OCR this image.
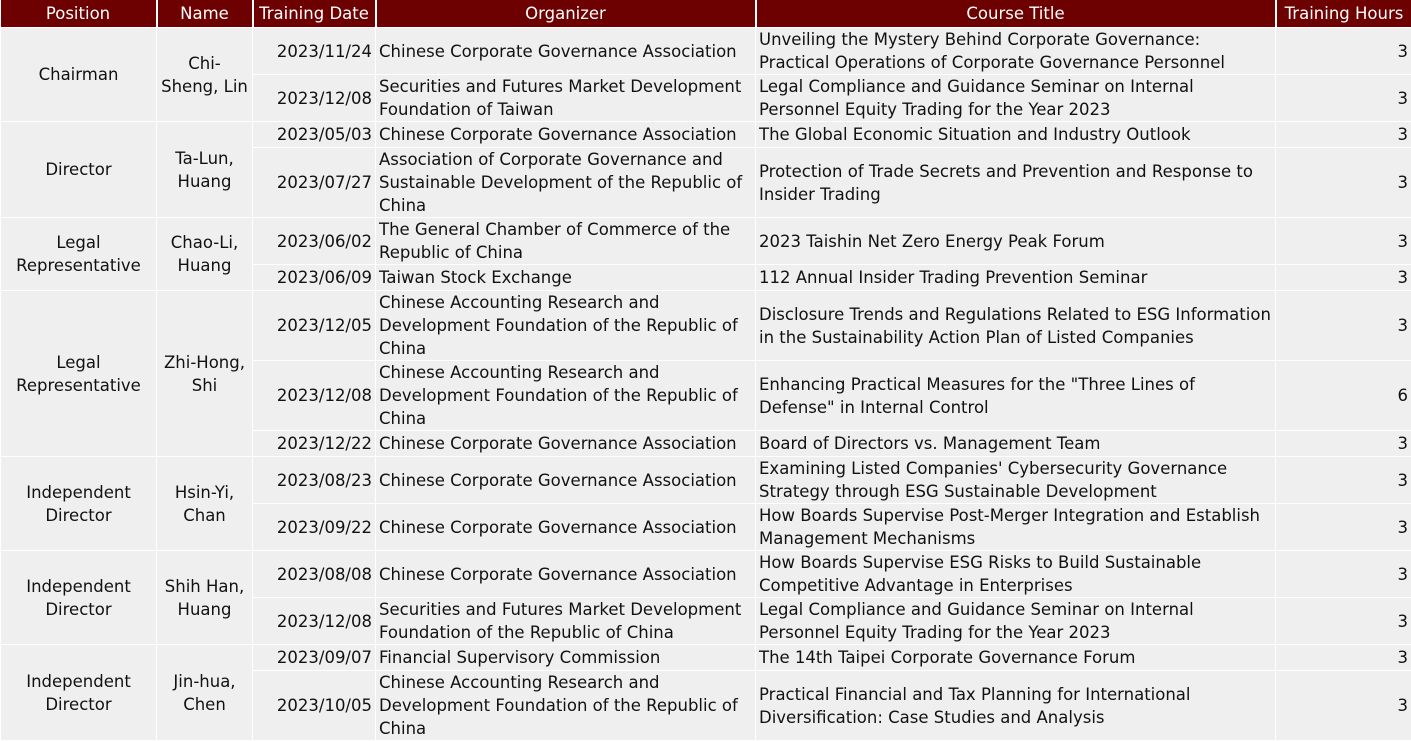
Position	Name	Training Date	Organizer	Course Title	Training Hours
Chairman	Chi-Sheng, Lin	2023/11/24	Chinese Corporate Governance Association	Unveiling the Mystery Behind Corporate Governance: Practical Operations of Corporate Governance Personnel	3
		2023/12/08	Securities and Futures Market Development Foundation of Taiwan	Legal Compliance and Guidance Seminar on Internal Personnel Equity Trading for the Year 2023	3
Director	Ta-Lun, Huang	2023/05/03	Chinese Corporate Governance Association	The Global Economic Situation and Industry Outlook	3
		2023/07/27	Association of Corporate Governance and Sustainable Development of the Republic of China	Protection of Trade Secrets and Prevention and Response to Insider Trading	3
Legal Representative	Chao-Li, Huang	2023/06/02	The General Chamber of Commerce of the Republic of China	2023 Taishin Net Zero Energy Peak Forum	3
		2023/06/09	Taiwan Stock Exchange	112 Annual Insider Trading Prevention Seminar	3
Legal Representative	Zhi-Hong, Shi	2023/12/05	Chinese Accounting Research and Development Foundation of the Republic of China	Disclosure Trends and Regulations Related to ESG Information in the Sustainability Action Plan of Listed Companies	3
		2023/12/08	Chinese Accounting Research and Development Foundation of the Republic of China	Enhancing Practical Measures for the "Three Lines of Defense" in Internal Control	6
		2023/12/22	Chinese Corporate Governance Association	Board of Directors vs. Management Team	3
Independent Director	Hsin-Yi, Chan	2023/08/23	Chinese Corporate Governance Association	Examining Listed Companies' Cybersecurity Governance Strategy through ESG Sustainable Development	3
		2023/09/22	Chinese Corporate Governance Association	How Boards Supervise Post-Merger Integration and Establish Management Mechanisms	3
Independent Director	Shih Han, Huang	2023/08/08	Chinese Corporate Governance Association	How Boards Supervise ESG Risks to Build Sustainable Competitive Advantage in Enterprises	3
		2023/12/08	Securities and Futures Market Development Foundation of the Republic of China	Legal Compliance and Guidance Seminar on Internal Personnel Equity Trading for the Year 2023	3
Independent Director	Jin-hua, Chen	2023/09/07	Financial Supervisory Commission	The 14th Taipei Corporate Governance Forum	3
		2023/10/05	Chinese Accounting Research and Development Foundation of the Republic of China	Practical Financial and Tax Planning for International Diversification: Case Studies and Analysis	3
